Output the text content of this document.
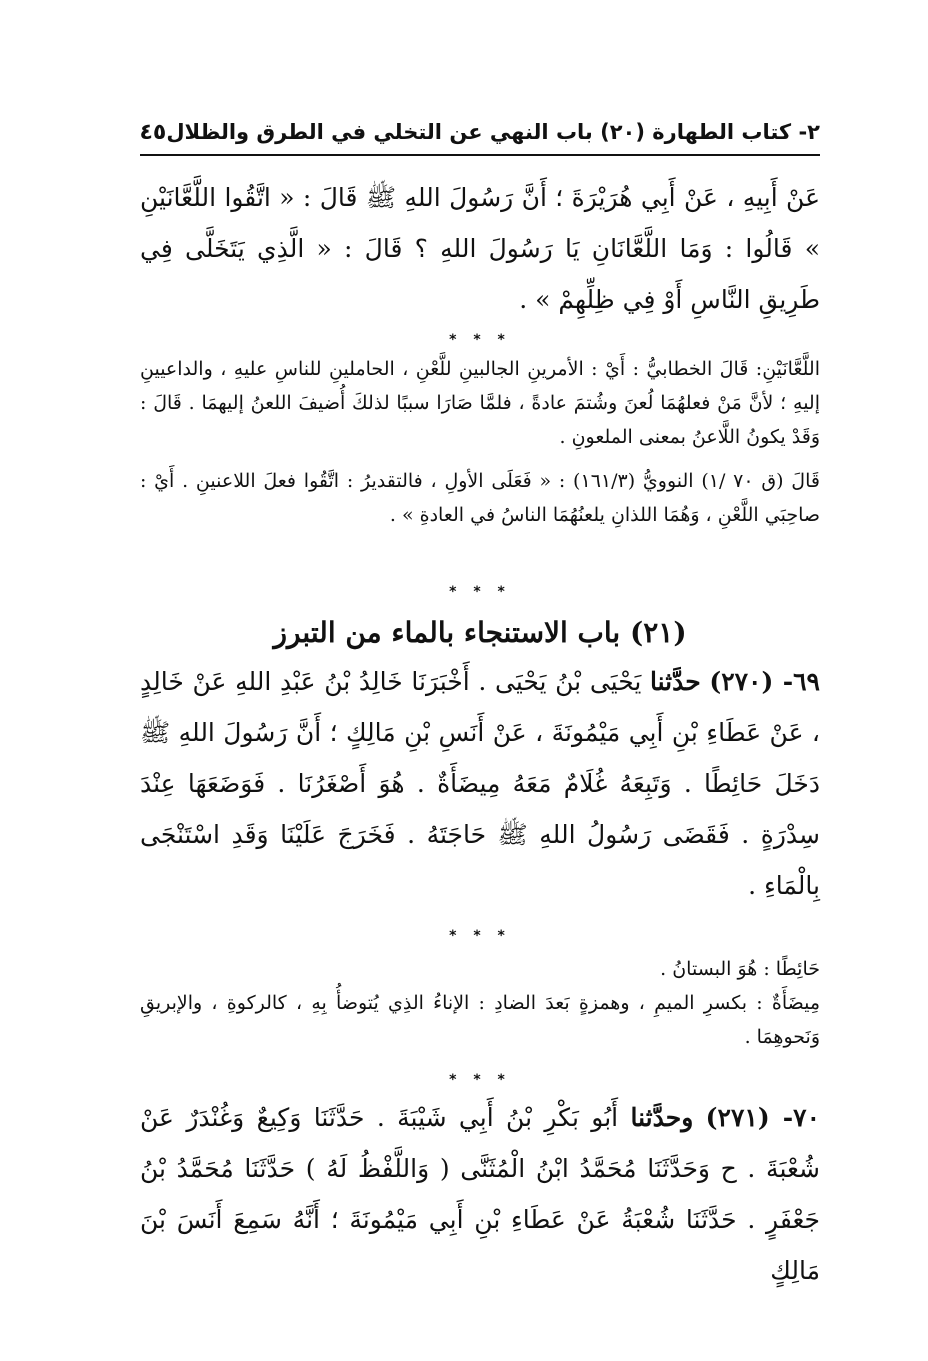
٢- كتاب الطهارة (٢٠) باب النهي عن التخلي في الطرق والظلال
٤٥
عَنْ أَبِيهِ ، عَنْ أَبِي هُرَيْرَةَ ؛ أَنَّ رَسُولَ اللهِ ﷺ قَالَ : « اتَّقُوا اللَّعَّانَيْنِ » قَالُوا : وَمَا اللَّعَّانَانِ يَا رَسُولَ اللهِ ؟ قَالَ : « الَّذِي يَتَخَلَّى فِي طَرِيقِ النَّاسِ أَوْ فِي ظِلِّهِمْ » .
* * *
اللَّعَّانَيْنِ: قَالَ الخطابيُّ : أَيْ : الأمرينِ الجالبينِ للَّعْنِ ، الحاملينِ للناسِ عليهِ ، والداعيينِ إليهِ ؛ لأنَّ مَنْ فعلهُمَا لُعنَ وشُتمَ عادةً ، فلمَّا صَارَا سببًا لذلكَ أُضيفَ اللعنُ إليهمَا . قَالَ : وَقَدْ يكونُ اللَّاعنُ بمعنى الملعونِ .
قَالَ (ق ٧٠ /١) النوويُّ (١٦١/٣) : « فَعَلَى الأولِ ، فالتقديرُ : اتَّقُوا فعلَ اللاعنينِ . أَيْ : صاحِبَي اللَّعْنِ ، وَهُمَا اللذانِ يلعنُهُمَا الناسُ في العادةِ » .
* * *
(٢١) باب الاستنجاء بالماء من التبرز
٦٩- (٢٧٠) حدَّثنا يَحْيَى بْنُ يَحْيَى . أَخْبَرَنَا خَالِدُ بْنُ عَبْدِ اللهِ عَنْ خَالِدٍ ، عَنْ عَطَاءِ بْنِ أَبِي مَيْمُونَةَ ، عَنْ أَنَسِ بْنِ مَالِكٍ ؛ أَنَّ رَسُولَ اللهِ ﷺ دَخَلَ حَائِطًا . وَتَبِعَهُ غُلَامٌ مَعَهُ مِيضَأَةٌ . هُوَ أَصْغَرُنَا . فَوَضَعَهَا عِنْدَ سِدْرَةٍ . فَقَضَى رَسُولُ اللهِ ﷺ حَاجَتَهُ . فَخَرَجَ عَلَيْنَا وَقَدِ اسْتَنْجَى بِالْمَاءِ .
* * *
حَائِطًا : هُوَ البستانُ .
مِيضَأَةٌ : بكسرِ الميمِ ، وهمزةٍ بَعدَ الضادِ : الإناءُ الذِي يُتوضأُ بِهِ ، كالركوةِ ، والإبريقِ وَنَحوهِمَا .
* * *
٧٠- (٢٧١) وحدَّثنا أَبُو بَكْرِ بْنُ أَبِي شَيْبَةَ . حَدَّثَنَا وَكِيعٌ وَغُنْدَرٌ عَنْ شُعْبَةَ . ح وَحَدَّثَنَا مُحَمَّدُ ابْنُ الْمُثَنَّى ( وَاللَّفْظُ لَهُ ) حَدَّثَنَا مُحَمَّدُ بْنُ جَعْفَرٍ . حَدَّثَنَا شُعْبَةُ عَنْ عَطَاءِ بْنِ أَبِي مَيْمُونَةَ ؛ أَنَّهُ سَمِعَ أَنَسَ بْنَ مَالِكٍ
